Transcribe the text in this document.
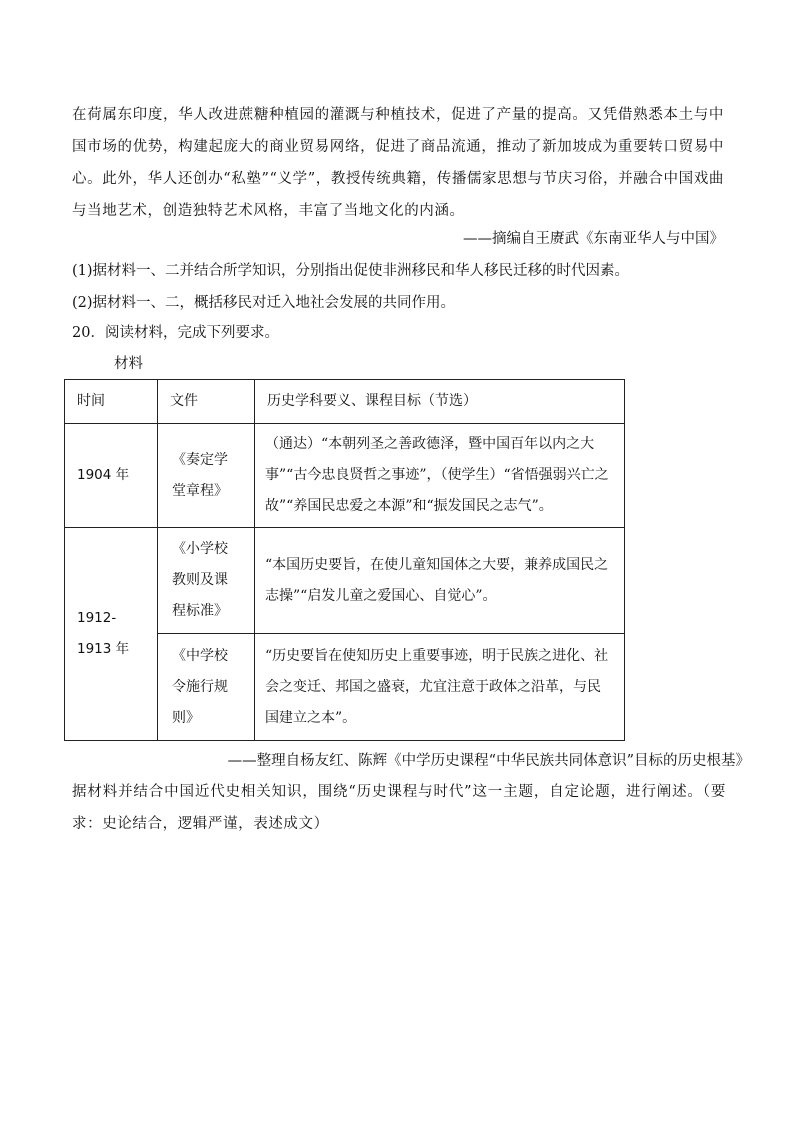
在荷属东印度，华人改进蔗糖种植园的灌溉与种植技术，促进了产量的提高。又凭借熟悉本土与中国市场的优势，构建起庞大的商业贸易网络，促进了商品流通，推动了新加坡成为重要转口贸易中心。此外，华人还创办“私塾”“义学”，教授传统典籍，传播儒家思想与节庆习俗，并融合中国戏曲与当地艺术，创造独特艺术风格，丰富了当地文化的内涵。
——摘编自王赓武《东南亚华人与中国》
(1)据材料一、二并结合所学知识，分别指出促使非洲移民和华人移民迁移的时代因素。
(2)据材料一、二，概括移民对迁入地社会发展的共同作用。
20．阅读材料，完成下列要求。
材料
时间	文件	历史学科要义、课程目标（节选）
1904 年	《奏定学堂章程》	（通达）“本朝列圣之善政德泽，暨中国百年以内之大事”“古今忠良贤哲之事迹”，（使学生）“省悟强弱兴亡之故”“养国民忠爱之本源”和“振发国民之志气”。
1912-1913 年	《小学校教则及课程标准》	“本国历史要旨，在使儿童知国体之大要，兼养成国民之志操”“启发儿童之爱国心、自觉心”。
	《中学校令施行规则》	“历史要旨在使知历史上重要事迹，明于民族之进化、社会之变迁、邦国之盛衰，尤宜注意于政体之沿革，与民国建立之本”。
——整理自杨友红、陈辉《中学历史课程“中华民族共同体意识”目标的历史根基》
据材料并结合中国近代史相关知识，围绕“历史课程与时代”这一主题，自定论题，进行阐述。（要求：史论结合，逻辑严谨，表述成文）
